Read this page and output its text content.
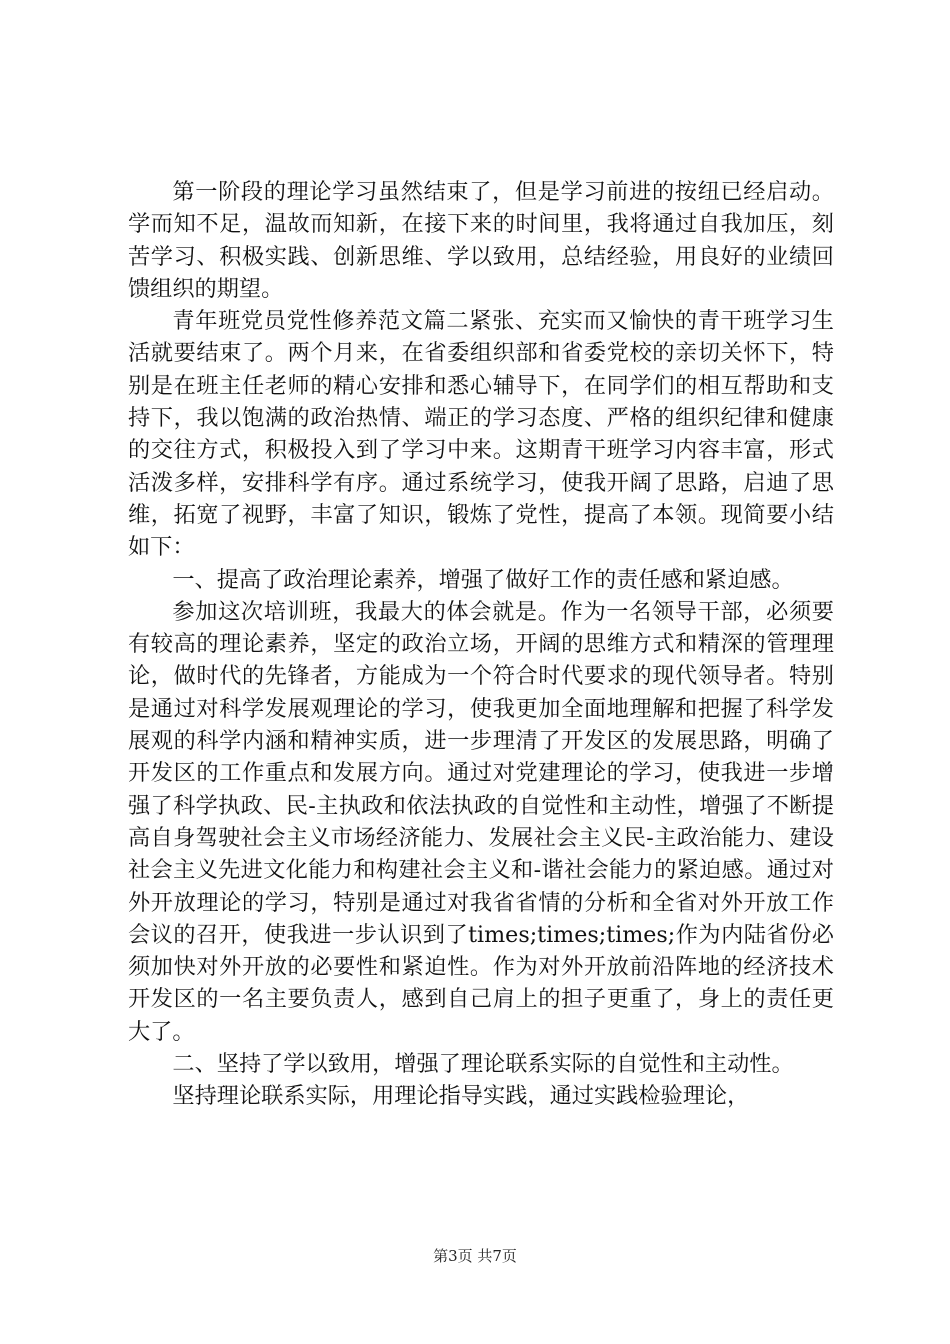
第一阶段的理论学习虽然结束了，但是学习前进的按纽已经启动。学而知不足，温故而知新，在接下来的时间里，我将通过自我加压，刻苦学习、积极实践、创新思维、学以致用，总结经验，用良好的业绩回馈组织的期望。

青年班党员党性修养范文篇二紧张、充实而又愉快的青干班学习生活就要结束了。两个月来，在省委组织部和省委党校的亲切关怀下，特别是在班主任老师的精心安排和悉心辅导下，在同学们的相互帮助和支持下，我以饱满的政治热情、端正的学习态度、严格的组织纪律和健康的交往方式，积极投入到了学习中来。这期青干班学习内容丰富，形式活泼多样，安排科学有序。通过系统学习，使我开阔了思路，启迪了思维，拓宽了视野，丰富了知识，锻炼了党性，提高了本领。现简要小结如下：

一、提高了政治理论素养，增强了做好工作的责任感和紧迫感。

参加这次培训班，我最大的体会就是。作为一名领导干部，必须要有较高的理论素养，坚定的政治立场，开阔的思维方式和精深的管理理论，做时代的先锋者，方能成为一个符合时代要求的现代领导者。特别是通过对科学发展观理论的学习，使我更加全面地理解和把握了科学发展观的科学内涵和精神实质，进一步理清了开发区的发展思路，明确了开发区的工作重点和发展方向。通过对党建理论的学习，使我进一步增强了科学执政、民-主执政和依法执政的自觉性和主动性，增强了不断提高自身驾驶社会主义市场经济能力、发展社会主义民-主政治能力、建设社会主义先进文化能力和构建社会主义和-谐社会能力的紧迫感。通过对外开放理论的学习，特别是通过对我省省情的分析和全省对外开放工作会议的召开，使我进一步认识到了times;times;times;作为内陆省份必须加快对外开放的必要性和紧迫性。作为对外开放前沿阵地的经济技术开发区的一名主要负责人，感到自己肩上的担子更重了，身上的责任更大了。

二、坚持了学以致用，增强了理论联系实际的自觉性和主动性。

坚持理论联系实际，用理论指导实践，通过实践检验理论，

第3页 共7页
